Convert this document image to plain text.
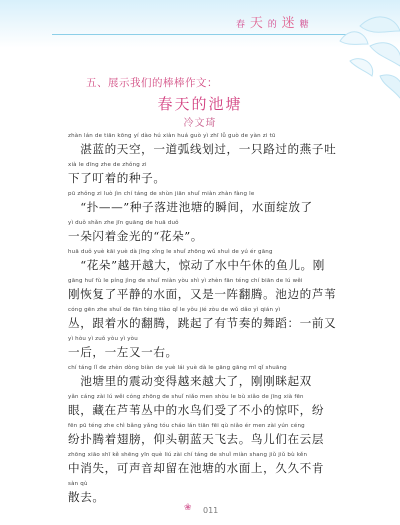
春 天 的 迷 糖
五、展示我们的棒棒作文：
春天的池塘
冷文琦
zhàn lán de tiān kōng yí dào hú xiàn huá guò yì zhī lǚ guò de yàn zi tū
　湛蓝的天空，一道弧线划过，一只路过的燕子吐
xià le dīng zhe de zhǒng zi
下了叮着的种子。
pū zhǒng zi luò jìn chí táng de shùn jiān shuǐ miàn zhàn fàng le
　“扑——”种子落进池塘的瞬间，水面绽放了
yì duǒ shǎn zhe jīn guāng de huā duǒ
一朵闪着金光的“花朵”。
huā duǒ yuè kāi yuè dà jīng xǐng le shuǐ zhōng wǔ shuì de yú ér gāng
　“花朵”越开越大，惊动了水中午休的鱼儿。刚
gāng huī fù le píng jìng de shuǐ miàn yòu shì yì zhèn fān téng chí biān de lú wěi
刚恢复了平静的水面，又是一阵翻腾。池边的芦苇
cóng gēn zhe shuǐ de fān téng tiào qǐ le yǒu jié zòu de wǔ dǎo yì qián yì
丛，跟着水的翻腾，跳起了有节奏的舞蹈：一前又
yì hòu yì zuǒ yòu yì yòu
一后，一左又一右。
chí táng lǐ de zhèn dòng biàn de yuè lái yuè dà le gāng gāng mī qǐ shuāng
　池塘里的震动变得越来越大了，刚刚眯起双
yǎn cáng zài lú wěi cóng zhōng de shuǐ niǎo men shòu le bù xiǎo de jīng xià fēn
眼，藏在芦苇丛中的水鸟们受了不小的惊吓，纷
fēn pū téng zhe chì bǎng yǎng tóu cháo lán tiān fēi qù niǎo ér men zài yún céng
纷扑腾着翅膀，仰头朝蓝天飞去。鸟儿们在云层
zhōng xiāo shī kě shēng yīn què liú zài chí táng de shuǐ miàn shang jiǔ jiǔ bù kěn
中消失，可声音却留在池塘的水面上，久久不肯
sàn qù
散去。
❀ 011
